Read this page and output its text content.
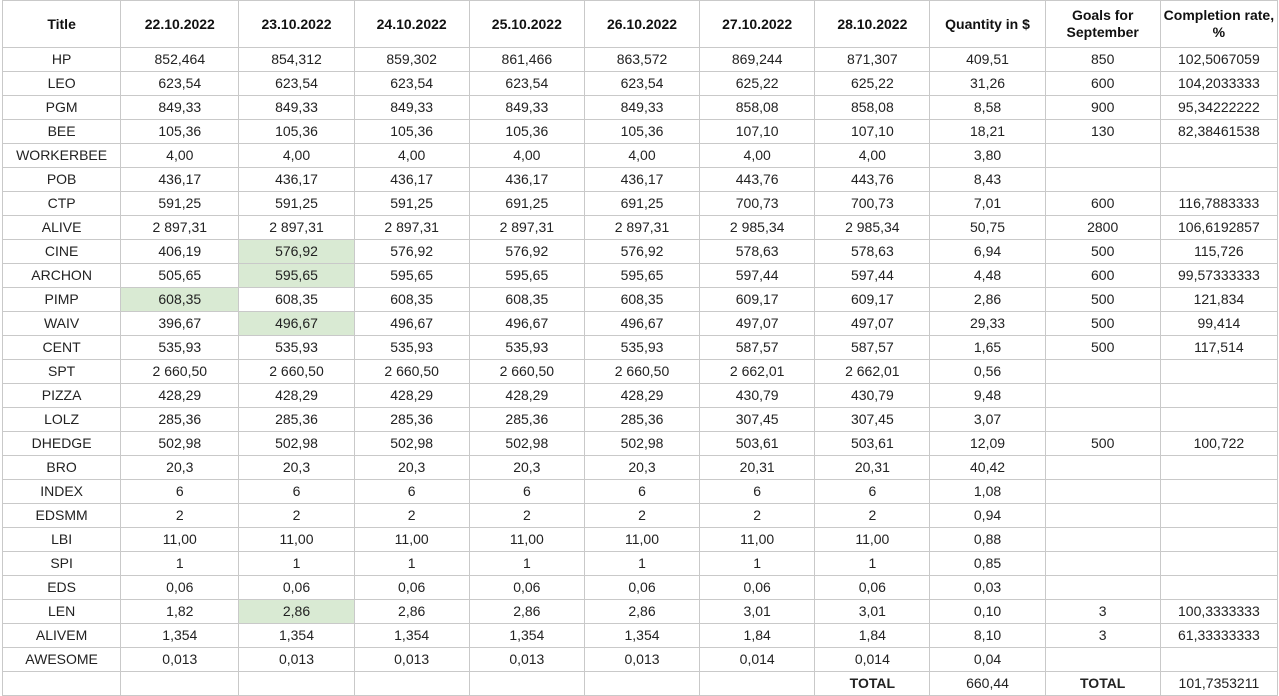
Title	22.10.2022	23.10.2022	24.10.2022	25.10.2022	26.10.2022	27.10.2022	28.10.2022	Quantity in $	Goals for September	Completion rate, %
HP	852,464	854,312	859,302	861,466	863,572	869,244	871,307	409,51	850	102,5067059
LEO	623,54	623,54	623,54	623,54	623,54	625,22	625,22	31,26	600	104,2033333
PGM	849,33	849,33	849,33	849,33	849,33	858,08	858,08	8,58	900	95,34222222
BEE	105,36	105,36	105,36	105,36	105,36	107,10	107,10	18,21	130	82,38461538
WORKERBEE	4,00	4,00	4,00	4,00	4,00	4,00	4,00	3,80		
POB	436,17	436,17	436,17	436,17	436,17	443,76	443,76	8,43		
CTP	591,25	591,25	591,25	691,25	691,25	700,73	700,73	7,01	600	116,7883333
ALIVE	2 897,31	2 897,31	2 897,31	2 897,31	2 897,31	2 985,34	2 985,34	50,75	2800	106,6192857
CINE	406,19	576,92	576,92	576,92	576,92	578,63	578,63	6,94	500	115,726
ARCHON	505,65	595,65	595,65	595,65	595,65	597,44	597,44	4,48	600	99,57333333
PIMP	608,35	608,35	608,35	608,35	608,35	609,17	609,17	2,86	500	121,834
WAIV	396,67	496,67	496,67	496,67	496,67	497,07	497,07	29,33	500	99,414
CENT	535,93	535,93	535,93	535,93	535,93	587,57	587,57	1,65	500	117,514
SPT	2 660,50	2 660,50	2 660,50	2 660,50	2 660,50	2 662,01	2 662,01	0,56		
PIZZA	428,29	428,29	428,29	428,29	428,29	430,79	430,79	9,48		
LOLZ	285,36	285,36	285,36	285,36	285,36	307,45	307,45	3,07		
DHEDGE	502,98	502,98	502,98	502,98	502,98	503,61	503,61	12,09	500	100,722
BRO	20,3	20,3	20,3	20,3	20,3	20,31	20,31	40,42		
INDEX	6	6	6	6	6	6	6	1,08		
EDSMM	2	2	2	2	2	2	2	0,94		
LBI	11,00	11,00	11,00	11,00	11,00	11,00	11,00	0,88		
SPI	1	1	1	1	1	1	1	0,85		
EDS	0,06	0,06	0,06	0,06	0,06	0,06	0,06	0,03		
LEN	1,82	2,86	2,86	2,86	2,86	3,01	3,01	0,10	3	100,3333333
ALIVEM	1,354	1,354	1,354	1,354	1,354	1,84	1,84	8,10	3	61,33333333
AWESOME	0,013	0,013	0,013	0,013	0,013	0,014	0,014	0,04		
							TOTAL	660,44	TOTAL	101,7353211
